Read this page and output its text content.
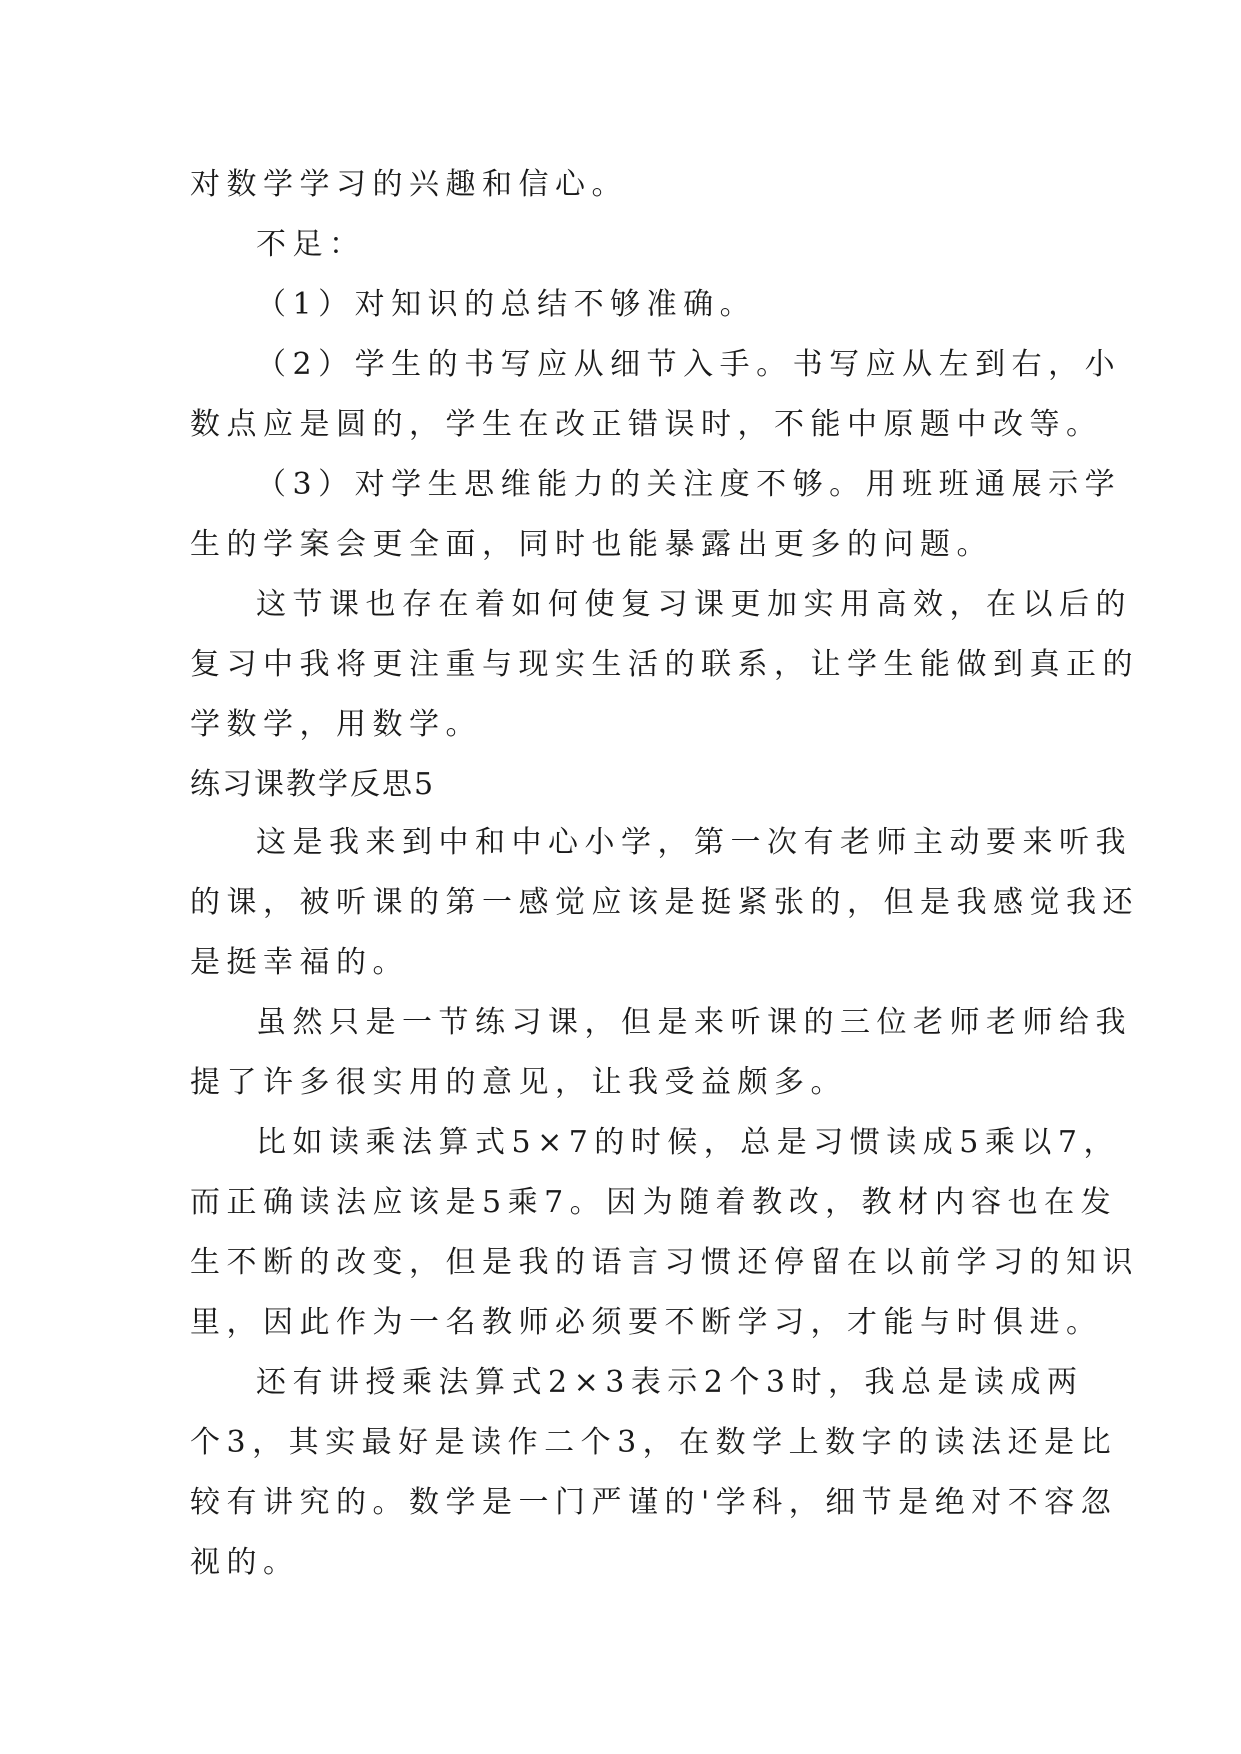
对数学学习的兴趣和信心。
不足：
（1）对知识的总结不够准确。
（2）学生的书写应从细节入手。书写应从左到右，小
数点应是圆的，学生在改正错误时，不能中原题中改等。
（3）对学生思维能力的关注度不够。用班班通展示学
生的学案会更全面，同时也能暴露出更多的问题。
这节课也存在着如何使复习课更加实用高效，在以后的
复习中我将更注重与现实生活的联系，让学生能做到真正的
学数学，用数学。
练习课教学反思5
这是我来到中和中心小学，第一次有老师主动要来听我
的课，被听课的第一感觉应该是挺紧张的，但是我感觉我还
是挺幸福的。
虽然只是一节练习课，但是来听课的三位老师老师给我
提了许多很实用的意见，让我受益颇多。
比如读乘法算式5×7的时候，总是习惯读成5乘以7，
而正确读法应该是5乘7。因为随着教改，教材内容也在发
生不断的改变，但是我的语言习惯还停留在以前学习的知识
里，因此作为一名教师必须要不断学习，才能与时俱进。
还有讲授乘法算式2×3表示2个3时，我总是读成两
个3，其实最好是读作二个3，在数学上数字的读法还是比
较有讲究的。数学是一门严谨的'学科，细节是绝对不容忽
视的。
